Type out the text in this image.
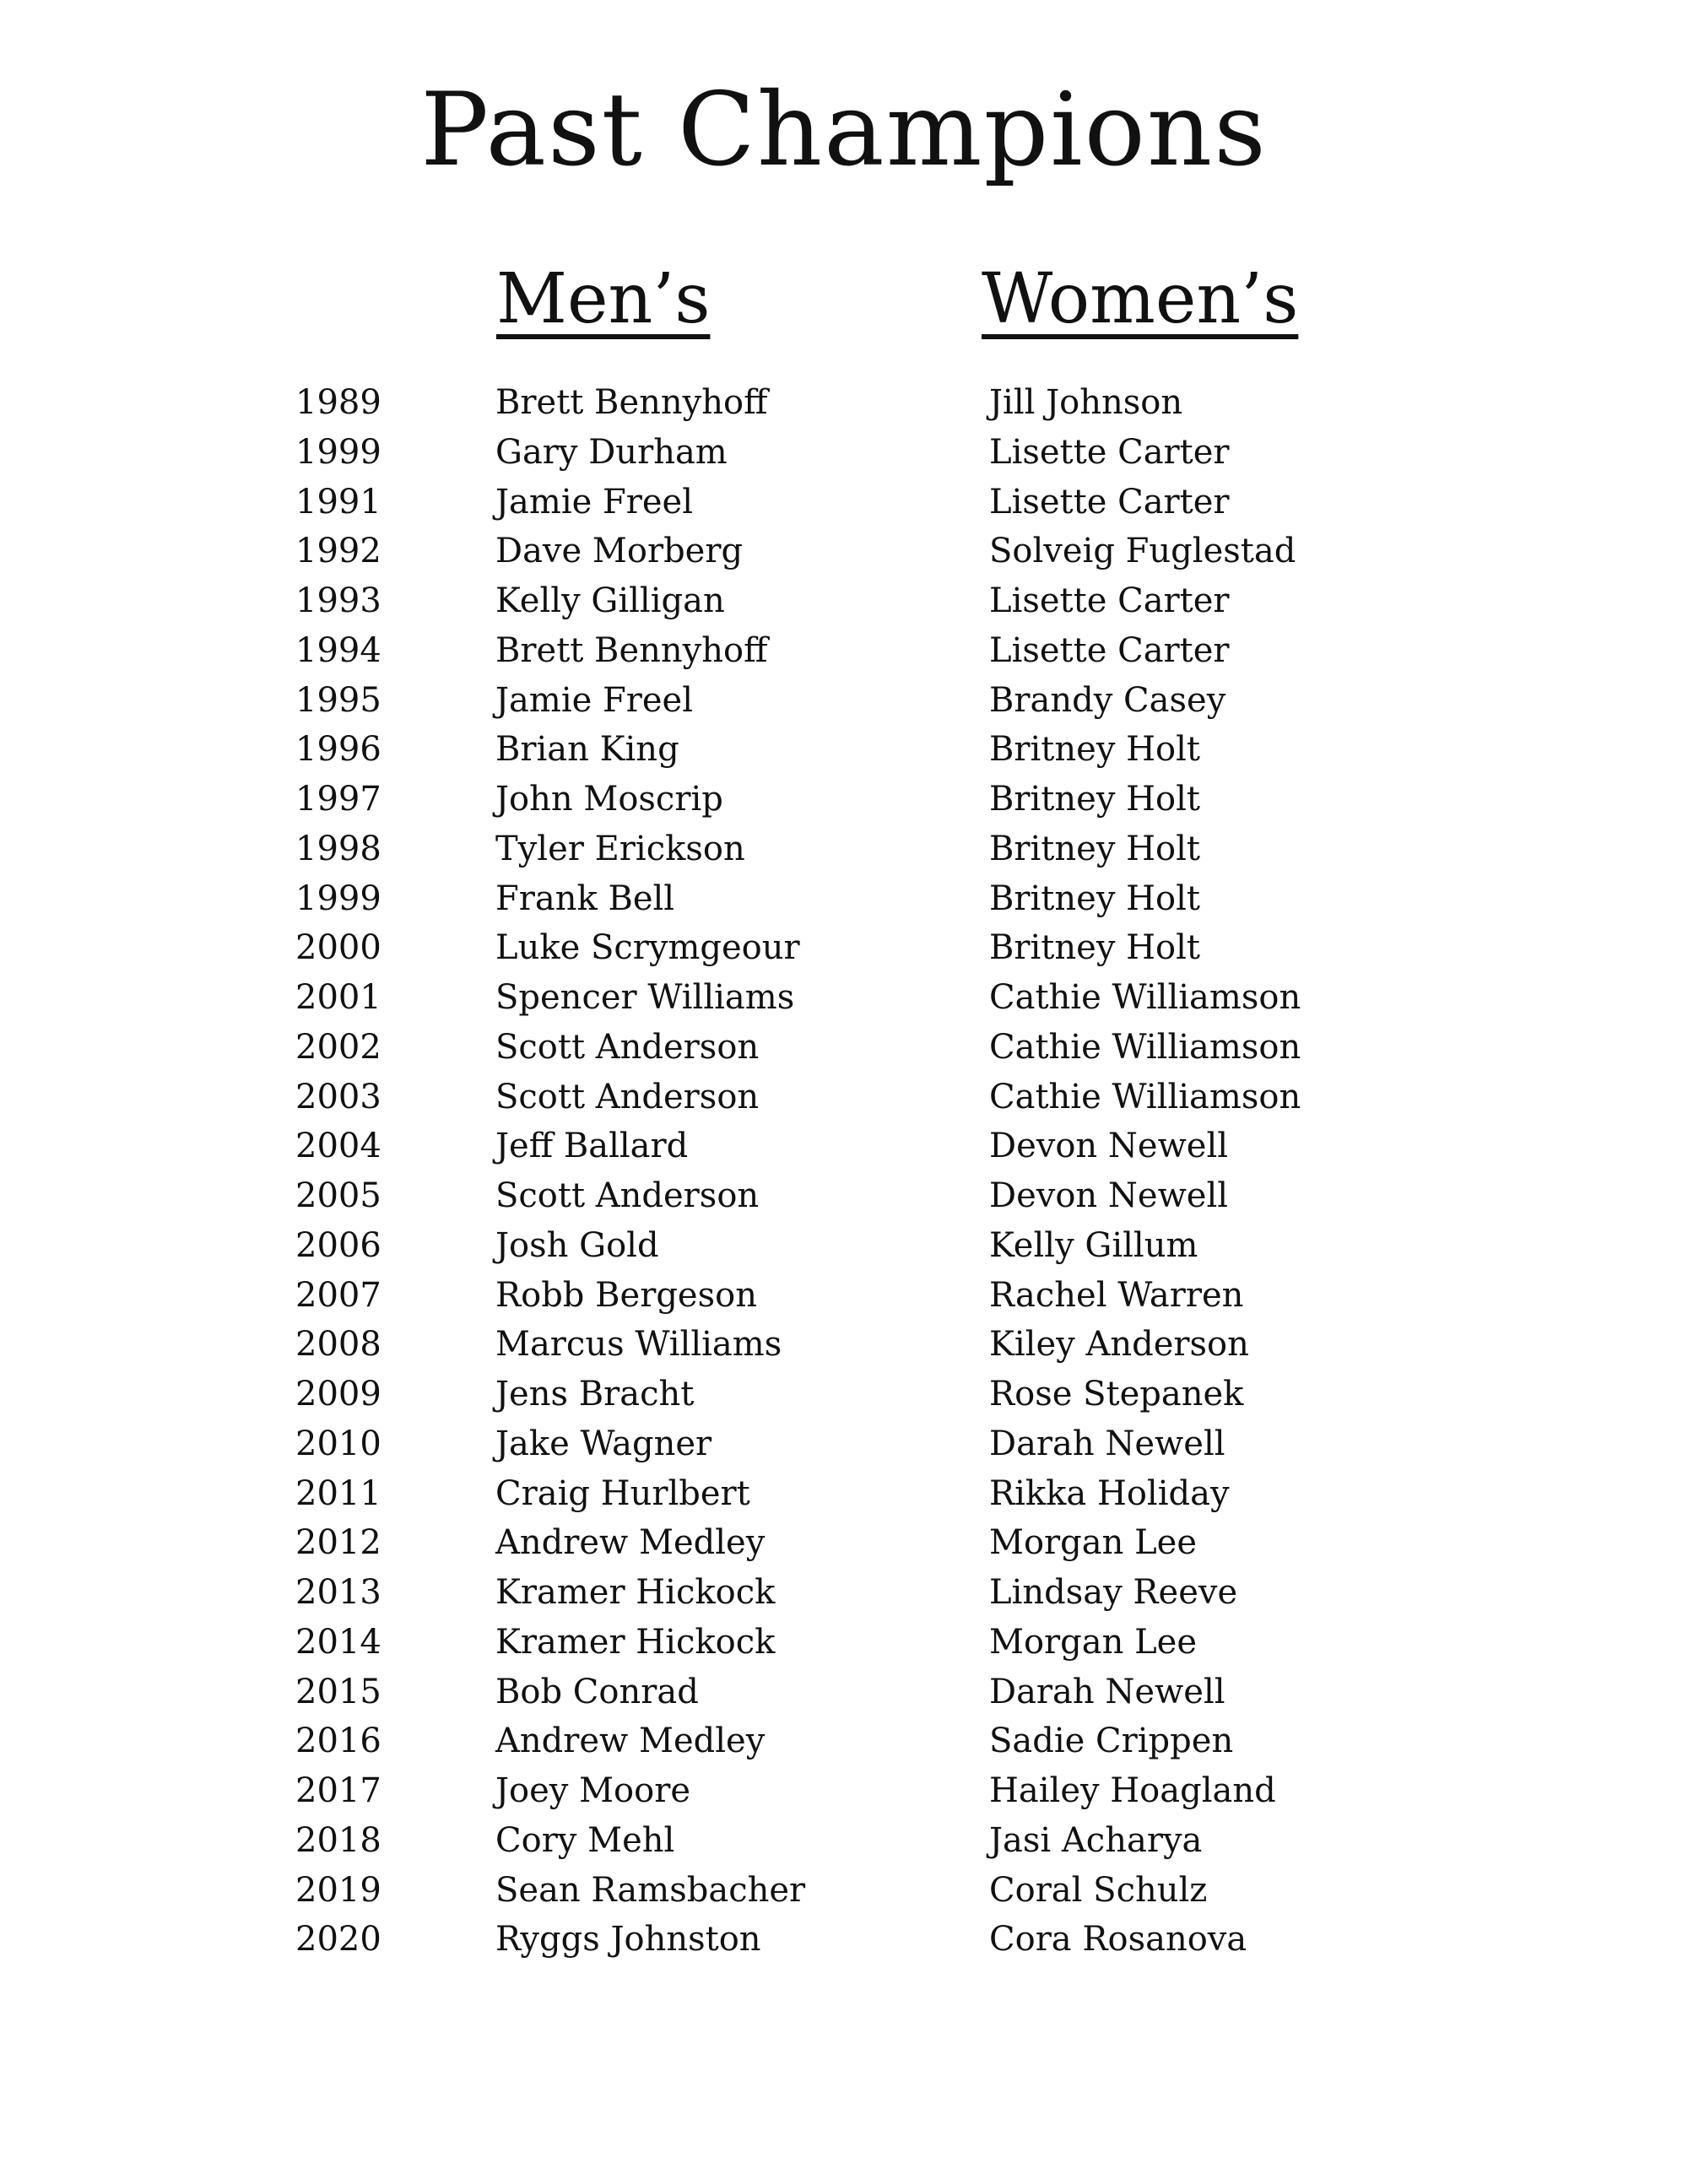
Past Champions
Men’s	Women’s
1989	Brett Bennyhoff	Jill Johnson
1999	Gary Durham	Lisette Carter
1991	Jamie Freel	Lisette Carter
1992	Dave Morberg	Solveig Fuglestad
1993	Kelly Gilligan	Lisette Carter
1994	Brett Bennyhoff	Lisette Carter
1995	Jamie Freel	Brandy Casey
1996	Brian King	Britney Holt
1997	John Moscrip	Britney Holt
1998	Tyler Erickson	Britney Holt
1999	Frank Bell	Britney Holt
2000	Luke Scrymgeour	Britney Holt
2001	Spencer Williams	Cathie Williamson
2002	Scott Anderson	Cathie Williamson
2003	Scott Anderson	Cathie Williamson
2004	Jeff Ballard	Devon Newell
2005	Scott Anderson	Devon Newell
2006	Josh Gold	Kelly Gillum
2007	Robb Bergeson	Rachel Warren
2008	Marcus Williams	Kiley Anderson
2009	Jens Bracht	Rose Stepanek
2010	Jake Wagner	Darah Newell
2011	Craig Hurlbert	Rikka Holiday
2012	Andrew Medley	Morgan Lee
2013	Kramer Hickock	Lindsay Reeve
2014	Kramer Hickock	Morgan Lee
2015	Bob Conrad	Darah Newell
2016	Andrew Medley	Sadie Crippen
2017	Joey Moore	Hailey Hoagland
2018	Cory Mehl	Jasi Acharya
2019	Sean Ramsbacher	Coral Schulz
2020	Ryggs Johnston	Cora Rosanova
